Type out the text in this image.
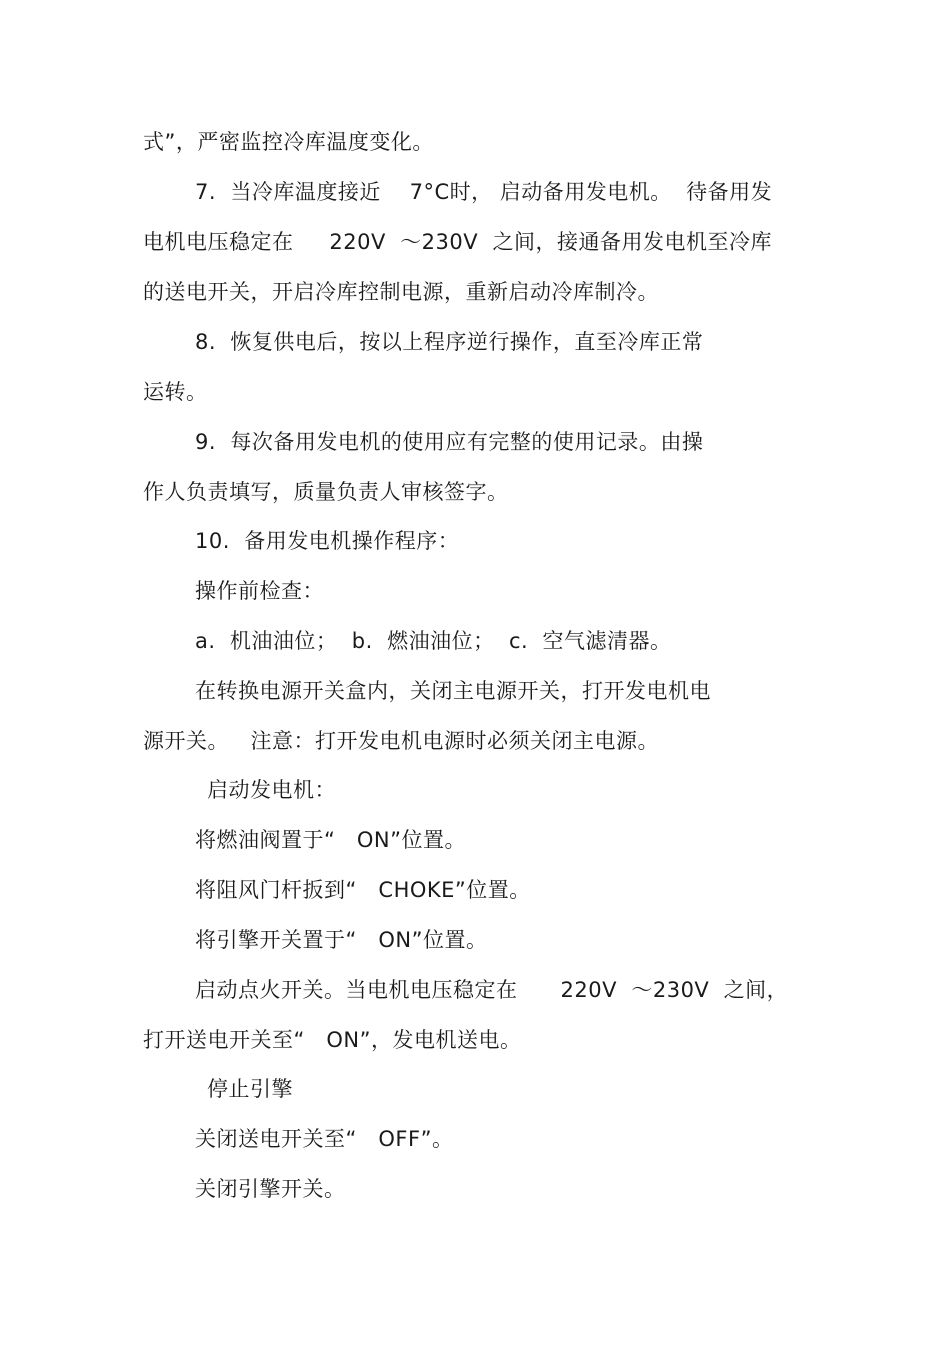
式”，严密监控冷库温度变化。
7.  当冷库温度接近    7°C时， 启动备用发电机。  待备用发
电机电压稳定在     220V  ～230V  之间，接通备用发电机至冷库
的送电开关，开启冷库控制电源，重新启动冷库制冷。
8.  恢复供电后，按以上程序逆行操作，直至冷库正常
运转。
9.  每次备用发电机的使用应有完整的使用记录。由操
作人负责填写，质量负责人审核签字。
10.  备用发电机操作程序：
操作前检查：
a.  机油油位；  b.  燃油油位；  c.  空气滤清器。
在转换电源开关盒内，关闭主电源开关，打开发电机电
源开关。   注意：打开发电机电源时必须关闭主电源。
启动发电机：
将燃油阀置于“   ON”位置。
将阻风门杆扳到“   CHOKE”位置。
将引擎开关置于“   ON”位置。
启动点火开关。当电机电压稳定在      220V  ～230V  之间，
打开送电开关至“   ON”，发电机送电。
停止引擎
关闭送电开关至“   OFF”。
关闭引擎开关。
